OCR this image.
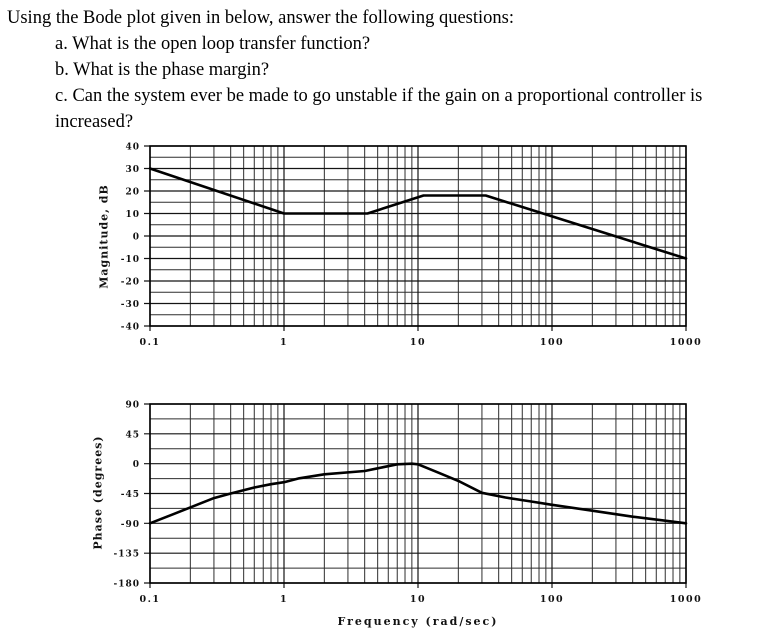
Using the Bode plot given in below, answer the following questions:
a. What is the open loop transfer function?
b. What is the phase margin?
c. Can the system ever be made to go unstable if the gain on a proportional controller is
increased?
40
30
20
10
0
-10
-20
-30
-40
0.1	1	10	100	1000
90
45
0
-45
-90
-135
-180
0.1	1	10	100	1000
Magnitude, dB
Phase (degrees)
Frequency (rad/sec)
